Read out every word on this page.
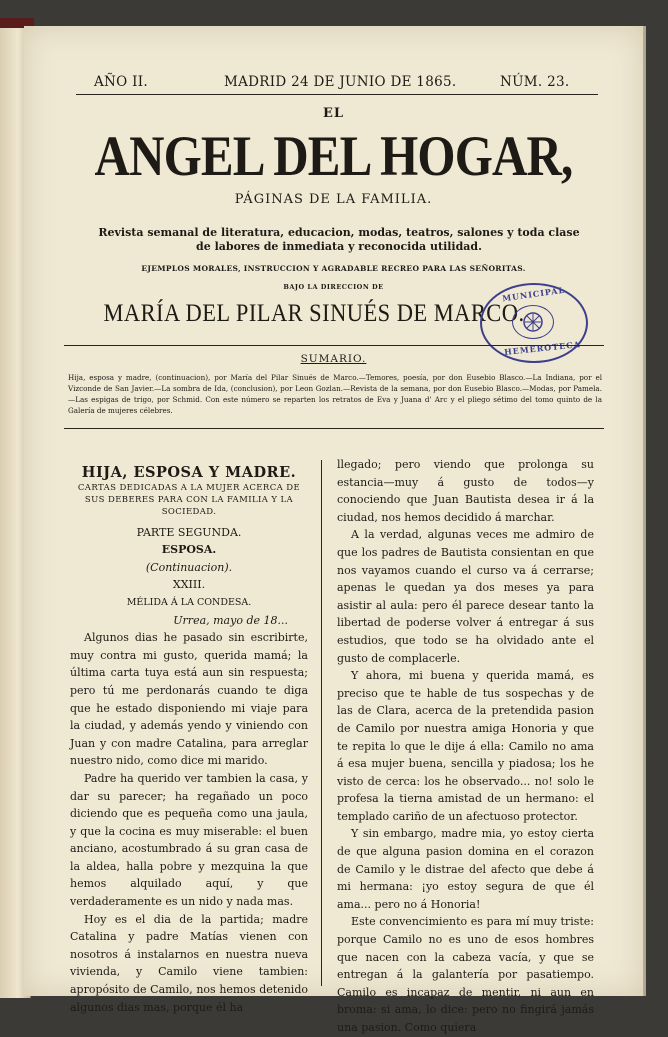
AÑO II.	MADRID 24 DE JUNIO DE 1865.	NÚM. 23.
EL
ANGEL DEL HOGAR,
PÁGINAS DE LA FAMILIA.
Revista semanal de literatura, educacion, modas, teatros, salones y toda clase de labores de inmediata y reconocida utilidad.
EJEMPLOS MORALES, INSTRUCCION Y AGRADABLE RECREO PARA LAS SEÑORITAS.
BAJO LA DIRECCION DE
MARÍA DEL PILAR SINUÉS DE MARCO.
MUNICIPAL
HEMEROTECA
SUMARIO.
Hija, esposa y madre, (continuacion), por María del Pilar Sinués de Marco.—Temores, poesía, por don Eusebio Blasco.—La Indiana, por el Vizconde de San Javier.—La sombra de Ida, (conclusion), por Leon Gozlan.—Revista de la semana, por don Eusebio Blasco.—Modas, por Pamela.—Las espigas de trigo, por Schmid. Con este número se reparten los retratos de Eva y Juana d' Arc y el pliego sétimo del tomo quinto de la Galería de mujeres célebres.

HIJA, ESPOSA Y MADRE.

CARTAS DEDICADAS A LA MUJER ACERCA DE SUS DEBERES PARA CON LA FAMILIA Y LA SOCIEDAD.

PARTE SEGUNDA.

ESPOSA.

(Continuacion).

XXIII.

MÉLIDA Á LA CONDESA.

Urrea, mayo de 18...

Algunos dias he pasado sin escribirte, muy contra mi gusto, querida mamá; la última carta tuya está aun sin respuesta; pero tú me perdonarás cuando te diga que he estado disponiendo mi viaje para la ciudad, y además yendo y viniendo con Juan y con madre Catalina, para arreglar nuestro nido, como dice mi marido.

Padre ha querido ver tambien la casa, y dar su parecer; ha regañado un poco diciendo que es pequeña como una jaula, y que la cocina es muy miserable: el buen anciano, acostumbrado á su gran casa de la aldea, halla pobre y mezquina la que hemos alquilado aquí, y que verdaderamente es un nido y nada mas.

Hoy es el dia de la partida; madre Catalina y padre Matías vienen con nosotros á instalarnos en nuestra nueva vivienda, y Camilo viene tambien: apropósito de Camilo, nos hemos detenido algunos dias mas, porque él ha

llegado; pero viendo que prolonga su estancia—muy á gusto de todos—y conociendo que Juan Bautista desea ir á la ciudad, nos hemos decidido á marchar.

A la verdad, algunas veces me admiro de que los padres de Bautista consientan en que nos vayamos cuando el curso va á cerrarse; apenas le quedan ya dos meses ya para asistir al aula: pero él parece desear tanto la libertad de poderse volver á entregar á sus estudios, que todo se ha olvidado ante el gusto de complacerle.

Y ahora, mi buena y querida mamá, es preciso que te hable de tus sospechas y de las de Clara, acerca de la pretendida pasion de Camilo por nuestra amiga Honoria y que te repita lo que le dije á ella: Camilo no ama á esa mujer buena, sencilla y piadosa; los he visto de cerca: los he observado... no! solo le profesa la tierna amistad de un hermano: el templado cariño de un afectuoso protector.

Y sin embargo, madre mia, yo estoy cierta de que alguna pasion domina en el corazon de Camilo y le distrae del afecto que debe á mi hermana: ¡yo estoy segura de que él ama... pero no á Honoria!

Este convencimiento es para mí muy triste: porque Camilo no es uno de esos hombres que nacen con la cabeza vacía, y que se entregan á la galantería por pasatiempo. Camilo es incapaz de mentir, ni aun en broma: si ama, lo dice: pero no fingirá jamás una pasion. Como quiera
